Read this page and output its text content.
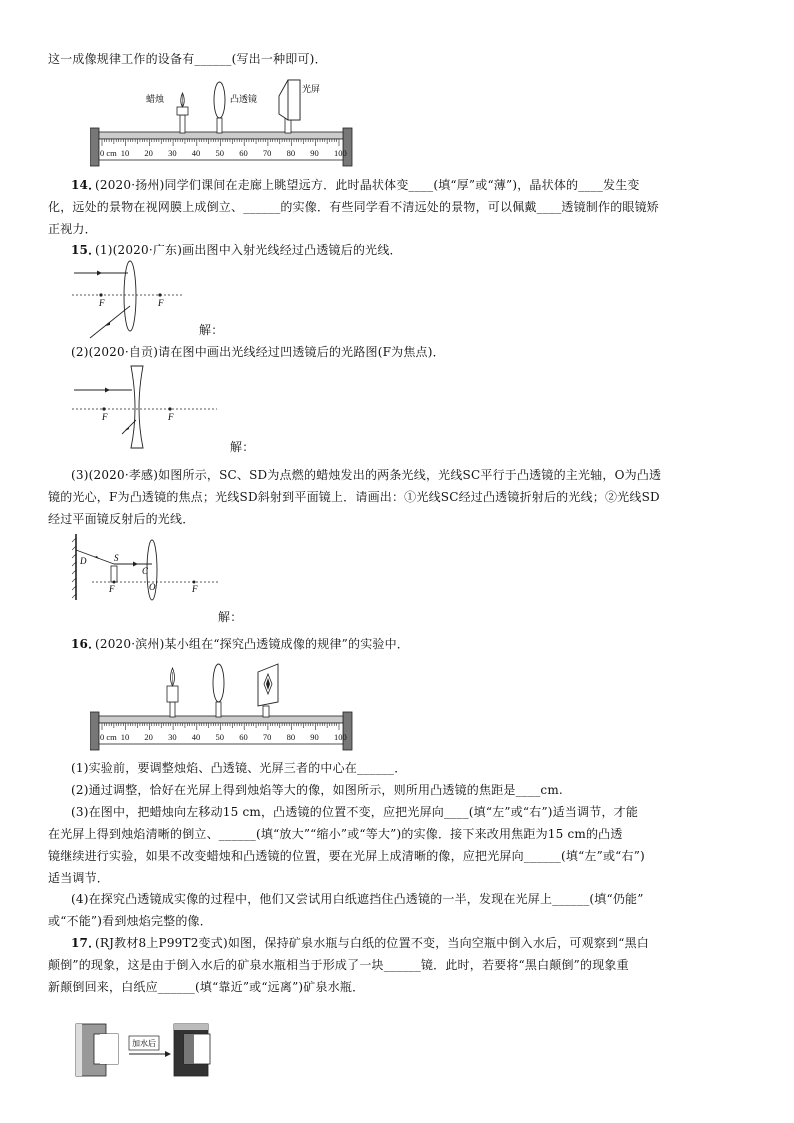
这一成像规律工作的设备有______(写出一种即可)．
0 cm 10 20 30 40 50 60 70 80 90 100
蜡烛	凸透镜
光屏
14．
(2020·扬州)同学们课间在走廊上眺望远方．此时晶状体变____(填“厚”或“薄”)，晶状体的____发生变
化，远处的景物在视网膜上成倒立、______的实像．有些同学看不清远处的景物，可以佩戴____透镜制作的眼镜矫
正视力．
15．
(1)(2020·广东)画出图中入射光线经过凸透镜后的光线．
F	F
解：
(2)(2020·自贡)请在图中画出光线经过凹透镜后的光路图(F为焦点)．
F	F
解：
(3)(2020·孝感)如图所示，SC、SD为点燃的蜡烛发出的两条光线，光线SC平行于凸透镜的主光轴，O为凸透
镜的光心，F为凸透镜的焦点；光线SD斜射到平面镜上．请画出：①光线SC经过凸透镜折射后的光线；②光线SD
经过平面镜反射后的光线．
D	S
C
O
F	F
解：
16．
(2020·滨州)某小组在“探究凸透镜成像的规律”的实验中．
0 cm 10 20 30 40 50 60 70 80 90 100
(1)实验前，要调整烛焰、凸透镜、光屏三者的中心在______．
(2)通过调整，恰好在光屏上得到烛焰等大的像，如图所示，则所用凸透镜的焦距是____cm.
(3)在图中，把蜡烛向左移动15 cm，凸透镜的位置不变，应把光屏向____(填“左”或“右”)适当调节，才能
在光屏上得到烛焰清晰的倒立、______(填“放大”“缩小”或“等大”)的实像．接下来改用焦距为15 cm的凸透
镜继续进行实验，如果不改变蜡烛和凸透镜的位置，要在光屏上成清晰的像，应把光屏向______(填“左”或“右”)
适当调节．
(4)在探究凸透镜成实像的过程中，他们又尝试用白纸遮挡住凸透镜的一半，发现在光屏上______(填“仍能”
或“不能”)看到烛焰完整的像．
17．
(RJ教材8上P99T2变式)如图，保持矿泉水瓶与白纸的位置不变，当向空瓶中倒入水后，可观察到“黑白
颠倒”的现象，这是由于倒入水后的矿泉水瓶相当于形成了一块______镜．此时，若要将“黑白颠倒”的现象重
新颠倒回来，白纸应______(填“靠近”或“远离”)矿泉水瓶．
加水后
